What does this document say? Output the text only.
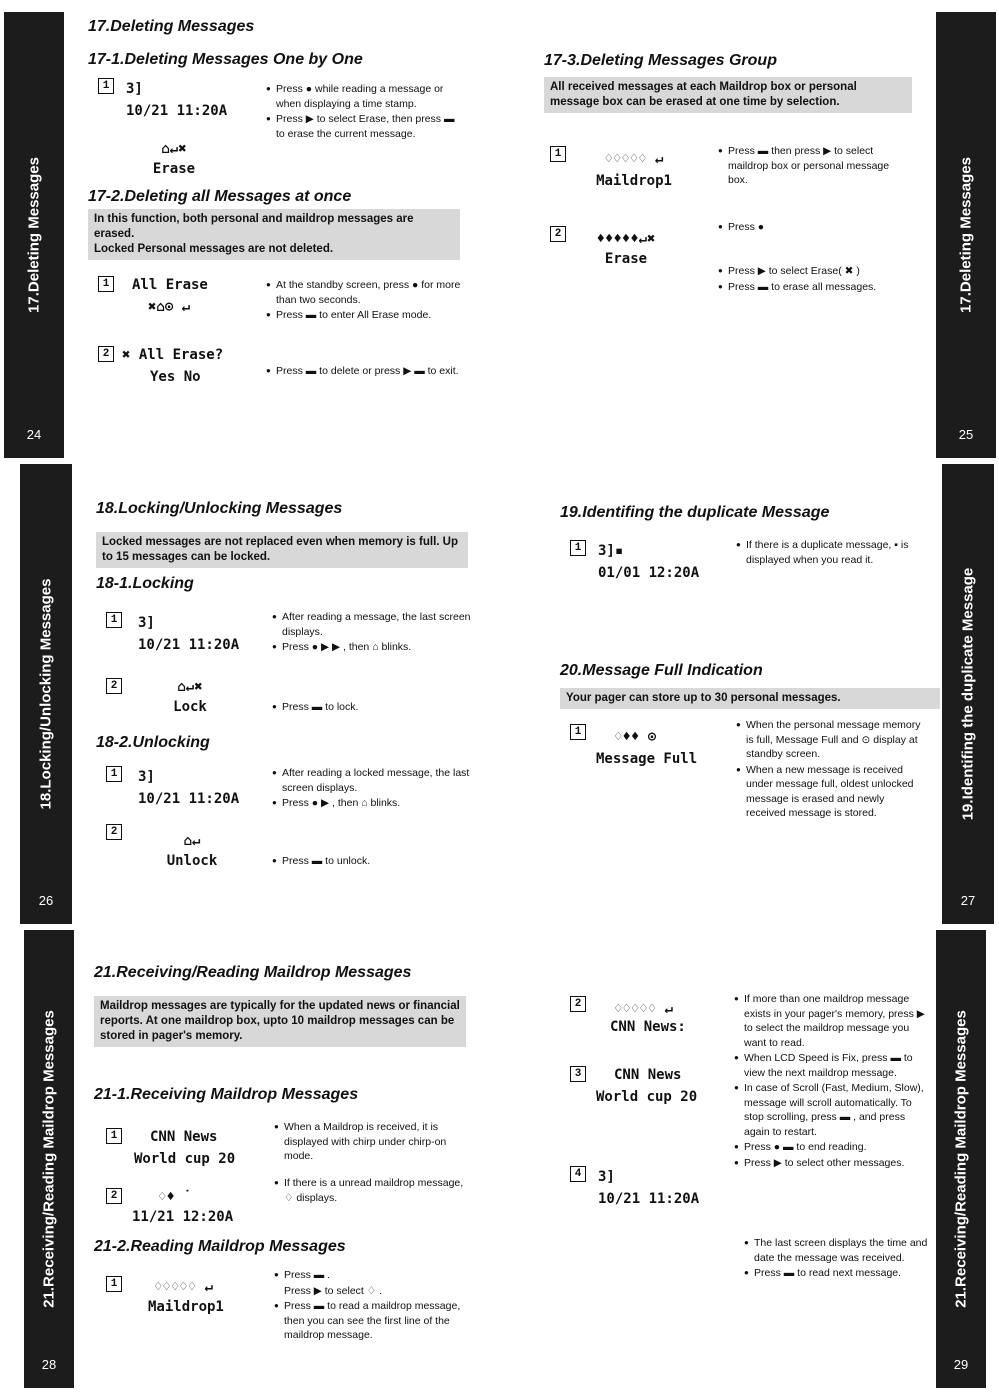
17.Deleting Messages
24
17.Deleting Messages
17-1.Deleting Messages One by One
1	3]
10/21 11:20A
⌂↵✖
Erase

● Press ● while reading a message or when displaying a time stamp.

● Press ▶ to select Erase, then press ▬ to erase the current message.

17-2.Deleting all Messages at once
In this function, both personal and maildrop messages are erased.
Locked Personal messages are not deleted.
1	All Erase
✖⌂⊙ ↵

● At the standby screen, press ● for more than two seconds.

● Press ▬ to enter All Erase mode.

2 ✖ All Erase?
Yes No	● Press ▬ to delete or press ▶ ▬ to exit.

17.Deleting Messages
25
17-3.Deleting Messages Group
All received messages at each Maildrop box or personal message box can be erased at one time by selection.
1	♢♢♢♢♢ ↵
Maildrop1

● Press ▬ then press ▶ to select maildrop box or personal message box.

2	♦♦♦♦♦↵✖
Erase

● Press ●

● Press ▶ to select Erase( ✖ )

● Press ▬ to erase all messages.

18.Locking/Unlocking Messages
26
18.Locking/Unlocking Messages
Locked messages are not replaced even when memory is full. Up to 15 messages can be locked.
18-1.Locking
1	3]
10/21 11:20A

● After reading a message, the last screen displays.

● Press ● ▶ ▶ , then ⌂ blinks.

2	⌂↵✖
Lock	● Press ▬ to lock.

18-2.Unlocking
1	3]
10/21 11:20A

● After reading a locked message, the last screen displays.

● Press ● ▶ , then ⌂ blinks.

2
⌂↵
Unlock	● Press ▬ to unlock.

19.Identifing the duplicate Message
27
19.Identifing the duplicate Message
1	3]▪
01/01 12:20A

● If there is a duplicate message, ▪ is displayed when you read it.

20.Message Full Indication
Your pager can store up to 30 personal messages.
1	♢♦♦ ⊙
Message Full

● When the personal message memory is full, Message Full and ⊙ display at standby screen.

● When a new message is received under message full, oldest unlocked message is erased and newly received message is stored.

21.Receiving/Reading Maildrop Messages
28
21.Receiving/Reading Maildrop Messages
Maildrop messages are typically for the updated news or financial reports. At one maildrop box, upto 10 maildrop messages can be stored in pager's memory.
21-1.Receiving Maildrop Messages
1	CNN News
World cup 20

● When a Maildrop is received, it is displayed with chirp under chirp-on mode.

2	♢♦ ˙
11/21 12:20A

● If there is a unread maildrop message, ♢ displays.

21-2.Reading Maildrop Messages
1	♢♢♢♢♢ ↵
Maildrop1

● Press ▬ .

Press ▶ to select ♢ .

● Press ▬ to read a maildrop message, then you can see the first line of the maildrop message.

21.Receiving/Reading Maildrop Messages
29
2	♢♢♢♢♢ ↵
CNN News:
3	CNN News
World cup 20
4	3]
10/21 11:20A

● If more than one maildrop message exists in your pager's memory, press ▶ to select the maildrop message you want to read.

● When LCD Speed is Fix, press ▬ to view the next maildrop message.

● In case of Scroll (Fast, Medium, Slow), message will scroll automatically. To stop scrolling, press ▬ , and press again to restart.

● Press ● ▬ to end reading.

● Press ▶ to select other messages.

● The last screen displays the time and date the message was received.

● Press ▬ to read next message.
